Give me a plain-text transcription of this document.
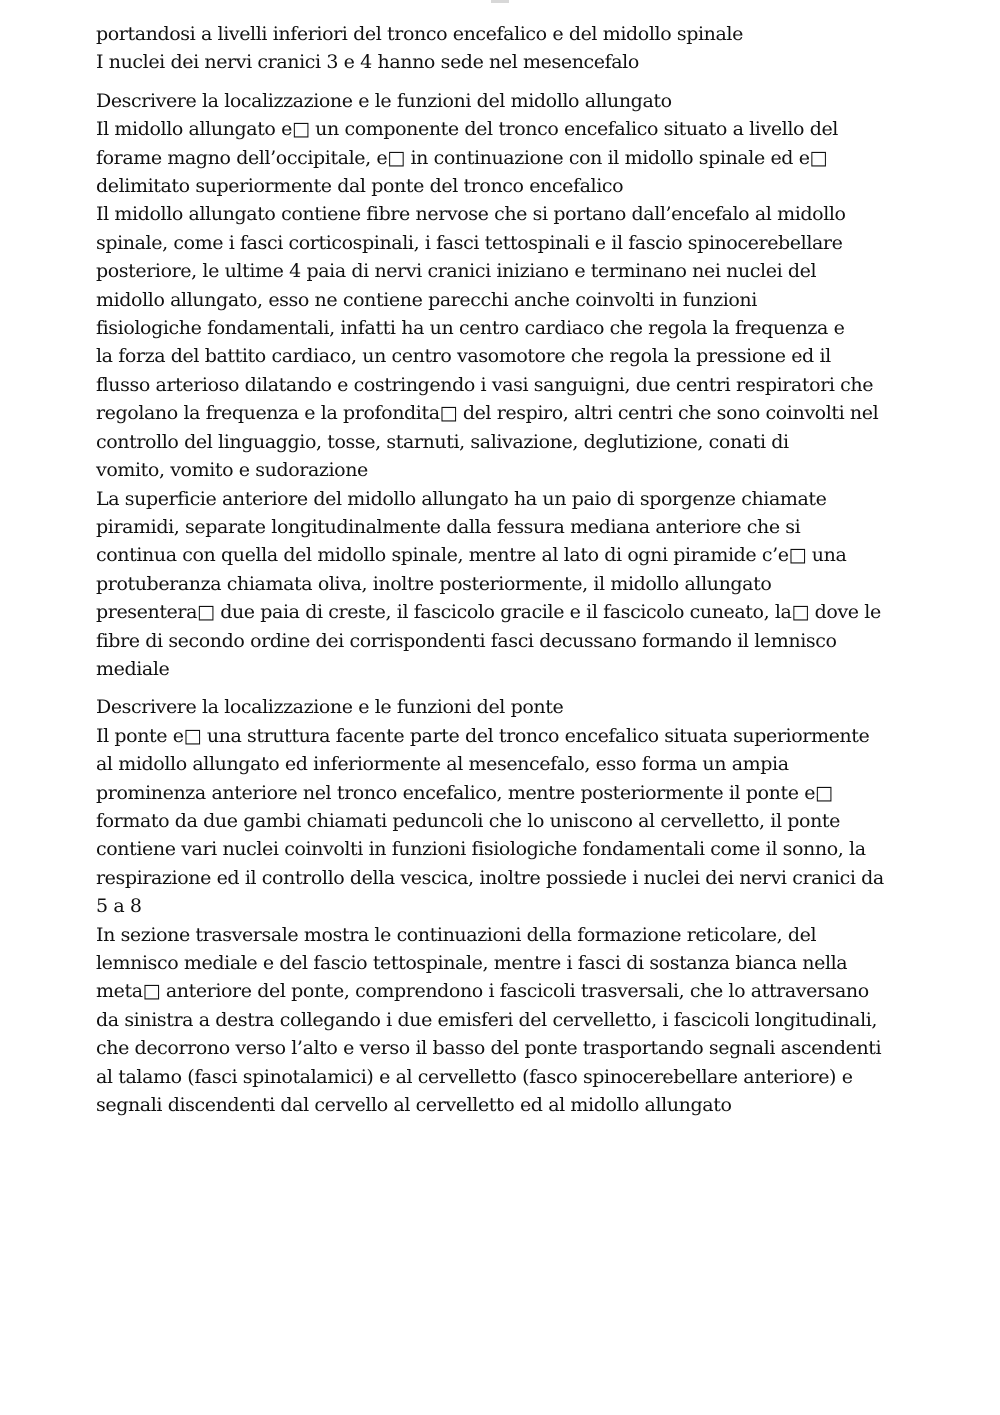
portandosi a livelli inferiori del tronco encefalico e del midollo spinale
I nuclei dei nervi cranici 3 e 4 hanno sede nel mesencefalo
Descrivere la localizzazione e le funzioni del midollo allungato
Il midollo allungato e□ un componente del tronco encefalico situato a livello del
forame magno dell’occipitale, e□ in continuazione con il midollo spinale ed e□
delimitato superiormente dal ponte del tronco encefalico
Il midollo allungato contiene fibre nervose che si portano dall’encefalo al midollo
spinale, come i fasci corticospinali, i fasci tettospinali e il fascio spinocerebellare
posteriore, le ultime 4 paia di nervi cranici iniziano e terminano nei nuclei del
midollo allungato, esso ne contiene parecchi anche coinvolti in funzioni
fisiologiche fondamentali, infatti ha un centro cardiaco che regola la frequenza e
la forza del battito cardiaco, un centro vasomotore che regola la pressione ed il
flusso arterioso dilatando e costringendo i vasi sanguigni, due centri respiratori che
regolano la frequenza e la profondita□ del respiro, altri centri che sono coinvolti nel
controllo del linguaggio, tosse, starnuti, salivazione, deglutizione, conati di
vomito, vomito e sudorazione
La superficie anteriore del midollo allungato ha un paio di sporgenze chiamate
piramidi, separate longitudinalmente dalla fessura mediana anteriore che si
continua con quella del midollo spinale, mentre al lato di ogni piramide c’e□ una
protuberanza chiamata oliva, inoltre posteriormente, il midollo allungato
presentera□ due paia di creste, il fascicolo gracile e il fascicolo cuneato, la□ dove le
fibre di secondo ordine dei corrispondenti fasci decussano formando il lemnisco
mediale
Descrivere la localizzazione e le funzioni del ponte
Il ponte e□ una struttura facente parte del tronco encefalico situata superiormente
al midollo allungato ed inferiormente al mesencefalo, esso forma un ampia
prominenza anteriore nel tronco encefalico, mentre posteriormente il ponte e□
formato da due gambi chiamati peduncoli che lo uniscono al cervelletto, il ponte
contiene vari nuclei coinvolti in funzioni fisiologiche fondamentali come il sonno, la
respirazione ed il controllo della vescica, inoltre possiede i nuclei dei nervi cranici da
5 a 8
In sezione trasversale mostra le continuazioni della formazione reticolare, del
lemnisco mediale e del fascio tettospinale, mentre i fasci di sostanza bianca nella
meta□ anteriore del ponte, comprendono i fascicoli trasversali, che lo attraversano
da sinistra a destra collegando i due emisferi del cervelletto, i fascicoli longitudinali,
che decorrono verso l’alto e verso il basso del ponte trasportando segnali ascendenti
al talamo (fasci spinotalamici) e al cervelletto (fasco spinocerebellare anteriore) e
segnali discendenti dal cervello al cervelletto ed al midollo allungato
